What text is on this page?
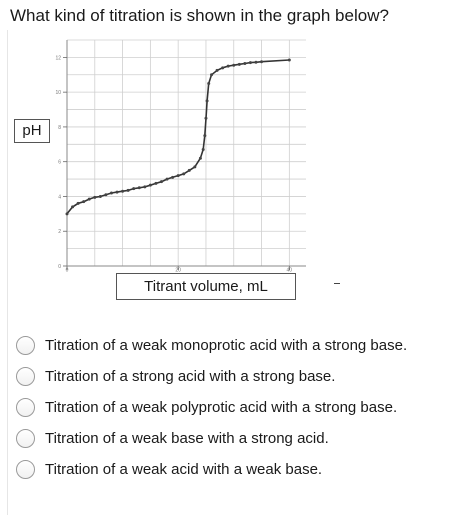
What kind of titration is shown in the graph below?
0
2
4
6
8
10
12
0	20	40
pH
Titrant volume, mL
Titration of a weak monoprotic acid with a strong base.
Titration of a strong acid with a strong base.
Titration of a weak polyprotic acid with a strong base.
Titration of a weak base with a strong acid.
Titration of a weak acid with a weak base.
